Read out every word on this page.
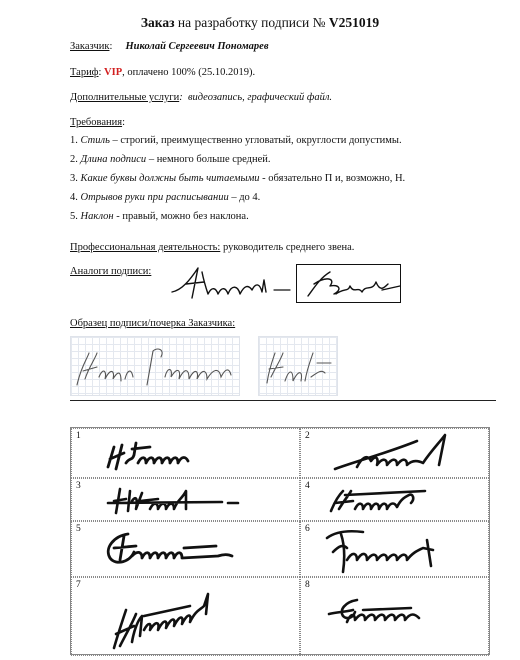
Заказ на разработку подписи № V251019
Заказчик:     Николай Сергеевич Пономарев
Тариф: VIP, оплачено 100% (25.10.2019).
Дополнительные услуги:  видеозапись, графический файл.
Требования:
1. Стиль – строгий, преимущественно угловатый, округлости допустимы.
2. Длина подписи – немного больше средней.
3. Какие буквы должны быть читаемыми - обязательно П и, возможно, Н.
4. Отрывов руки при расписывании – до 4.
5. Наклон - правый, можно без наклона.
Профессиональная деятельность: руководитель среднего звена.
Аналоги подписи:
Образец подписи/почерка Заказчика:
1	2
3	4
5	6
7	8
